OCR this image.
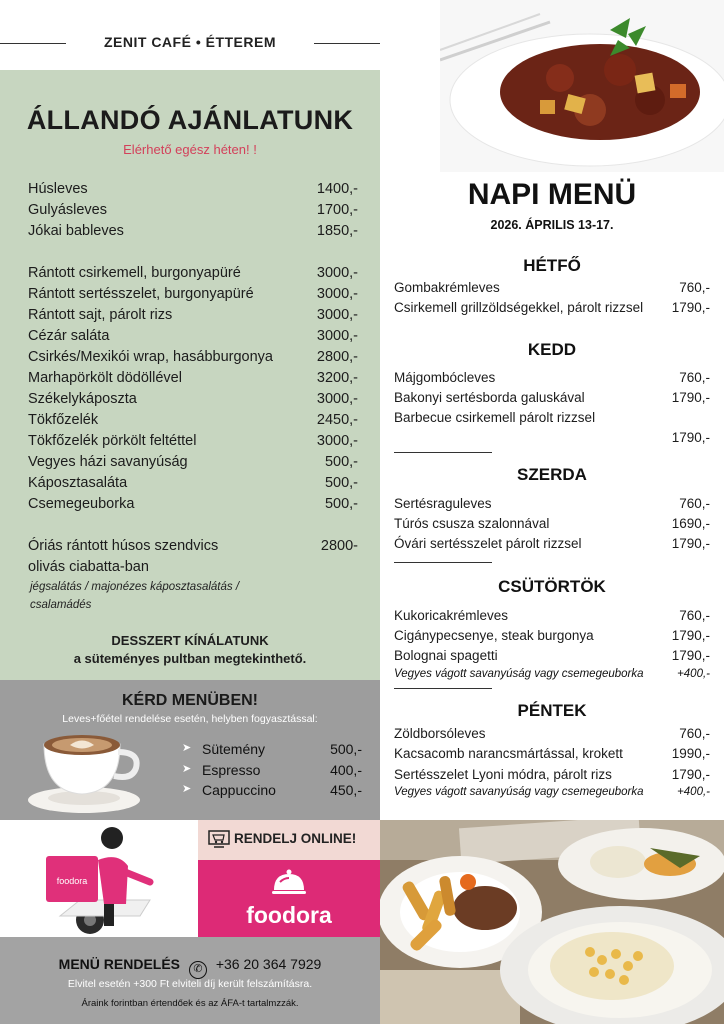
ZENIT CAFÉ • ÉTTEREM
ÁLLANDÓ AJÁNLATUNK
Elérhető egész héten! !
Húsleves	1400,-
Gulyásleves	1700,-
Jókai bableves	1850,-
Rántott csirkemell, burgonyapüré	3000,-
Rántott sertésszelet, burgonyapüré	3000,-
Rántott sajt, párolt rizs	3000,-
Cézár saláta	3000,-
Csirkés/Mexikói wrap, hasábburgonya	2800,-
Marhapörkölt dödöllével	3200,-
Székelykáposzta	3000,-
Tökfőzelék	2450,-
Tökfőzelék pörkölt feltéttel	3000,-
Vegyes házi savanyúság	500,-
Káposztasaláta	500,-
Csemegeuborka	500,-
Óriás rántott húsos szendvics	2800-
olivás ciabatta-ban
jégsalátás / majonézes káposztasalátás /
csalamádés
DESSZERT KÍNÁLATUNK
a süteményes pultban megtekinthető.
KÉRD MENÜBEN!
Leves+főétel rendelése esetén, helyben fogyasztással:
➤ Sütemény	500,-
➤ Espresso	400,-
➤ Cappuccino	450,-
foodora
RENDELJ ONLINE!
foodora
MENÜ RENDELÉS ✆ +36 20 364 7929
Elvitel esetén +300 Ft elviteli díj került felszámításra.
Áraink forintban értendőek és az ÁFA-t tartalmzzák.
NAPI MENÜ
2026. ÁPRILIS 13-17.
HÉTFŐ
Gombakrémleves	760,-
Csirkemell grillzöldségekkel, párolt rizzsel	1790,-
KEDD
Májgombócleves	760,-
Bakonyi sertésborda galuskával	1790,-
Barbecue csirkemell párolt rizzsel
1790,-
SZERDA
Sertésraguleves	760,-
Túrós csusza szalonnával	1690,-
Óvári sertésszelet párolt rizzsel	1790,-
CSÜTÖRTÖK
Kukoricakrémleves	760,-
Cigánypecsenye, steak burgonya	1790,-
Bolognai spagetti	1790,-
Vegyes vágott savanyúság vagy csemegeuborka	+400,-
PÉNTEK
Zöldborsóleves	760,-
Kacsacomb narancsmártással, krokett	1990,-
Sertésszelet Lyoni módra, párolt rizs	1790,-
Vegyes vágott savanyúság vagy csemegeuborka	+400,-
